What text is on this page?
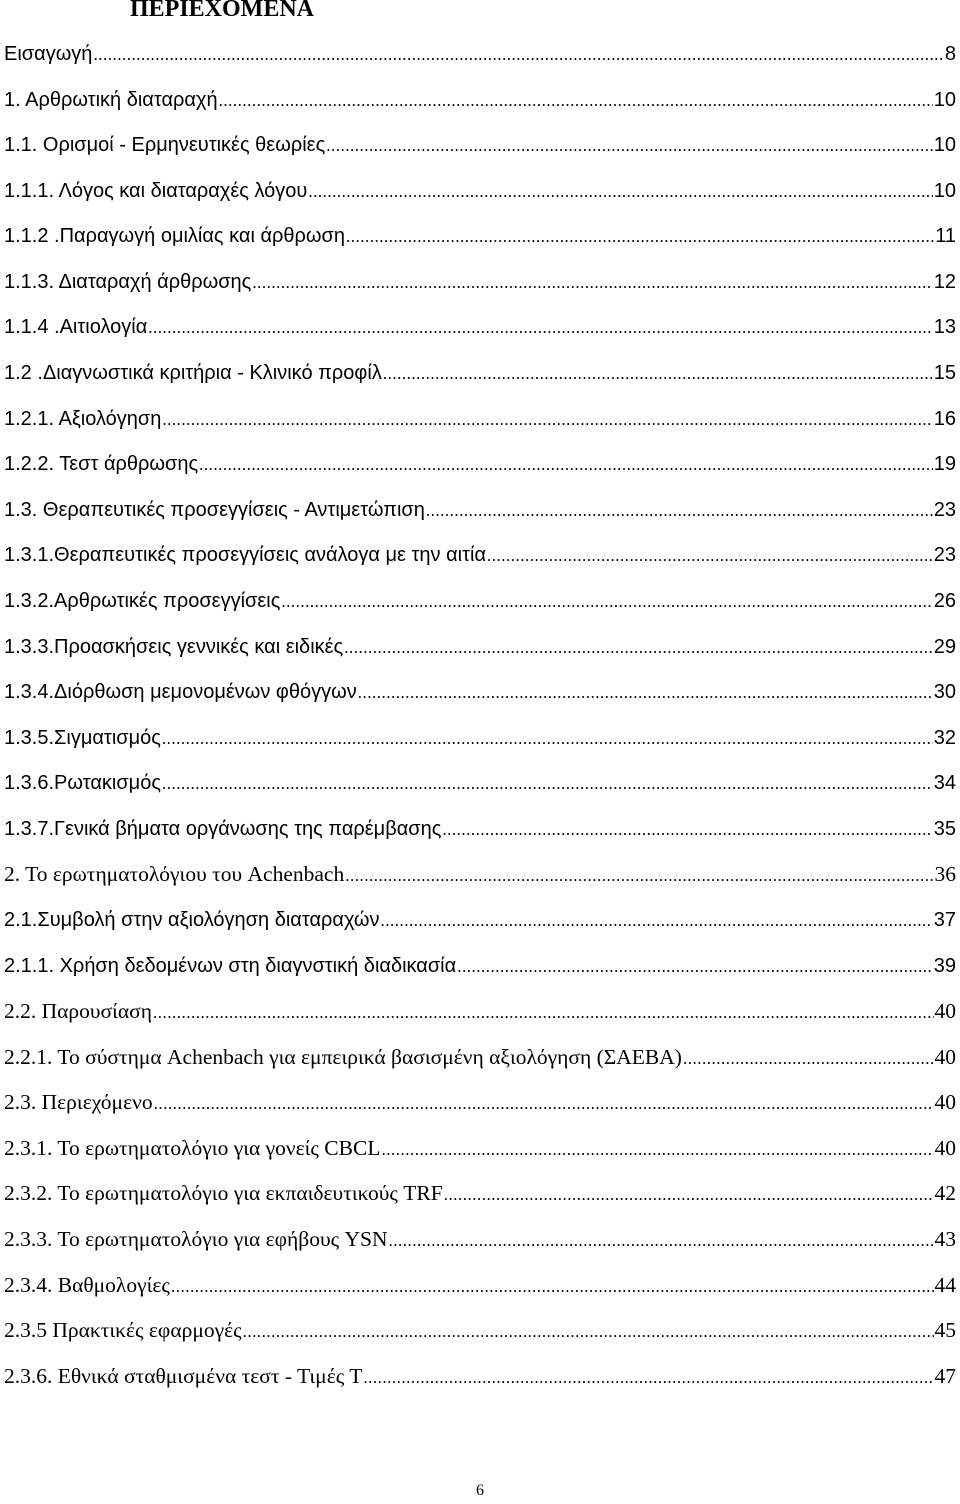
ΠΕΡΙΕΧΟΜΕΝΑ
Εισαγωγή .....	8
1. Αρθρωτική διαταραχή .....	10
1.1. Ορισμοί - Ερμηνευτικές θεωρίες .....	10
1.1.1. Λόγος και διαταραχές λόγου .....	10
1.1.2 .Παραγωγή ομιλίας και άρθρωση .....	11
1.1.3. Διαταραχή άρθρωσης .....	12
1.1.4 .Αιτιολογία .....	13
1.2 .Διαγνωστικά κριτήρια - Κλινικό προφίλ .....	15
1.2.1. Αξιολόγηση .....	16
1.2.2. Τεστ άρθρωσης .....	19
1.3. Θεραπευτικές προσεγγίσεις - Αντιμετώπιση .....	23
1.3.1.Θεραπευτικές προσεγγίσεις ανάλογα με την αιτία .....	23
1.3.2.Αρθρωτικές προσεγγίσεις .....	26
1.3.3.Προασκήσεις γεννικές και ειδικές .....	29
1.3.4.Διόρθωση μεμονομένων φθόγγων .....	30
1.3.5.Σιγματισμός .....	32
1.3.6.Ρωτακισμός .....	34
1.3.7.Γενικά βήματα οργάνωσης της παρέμβασης .....	35
2. Το ερωτηματολόγιου του Achenbach .....	36
2.1.Συμβολή στην αξιολόγηση διαταραχών .....	37
2.1.1. Χρήση δεδομένων στη διαγνστική διαδικασία .....	39
2.2. Παρουσίαση .....	40
2.2.1. Το σύστημα Achenbach για εμπειρικά βασισμένη αξιολόγηση (ΣΑΕΒΑ) .....	40
2.3. Περιεχόμενο .....	40
2.3.1. Το ερωτηματολόγιο για γονείς CBCL .....	40
2.3.2. Το ερωτηματολόγιο για εκπαιδευτικούς TRF .....	42
2.3.3. Το ερωτηματολόγιο για εφήβους YSN .....	43
2.3.4. Βαθμολογίες .....	44
2.3.5 Πρακτικές εφαρμογές .....	45
2.3.6. Εθνικά σταθμισμένα τεστ - Τιμές Τ .....	47
6
